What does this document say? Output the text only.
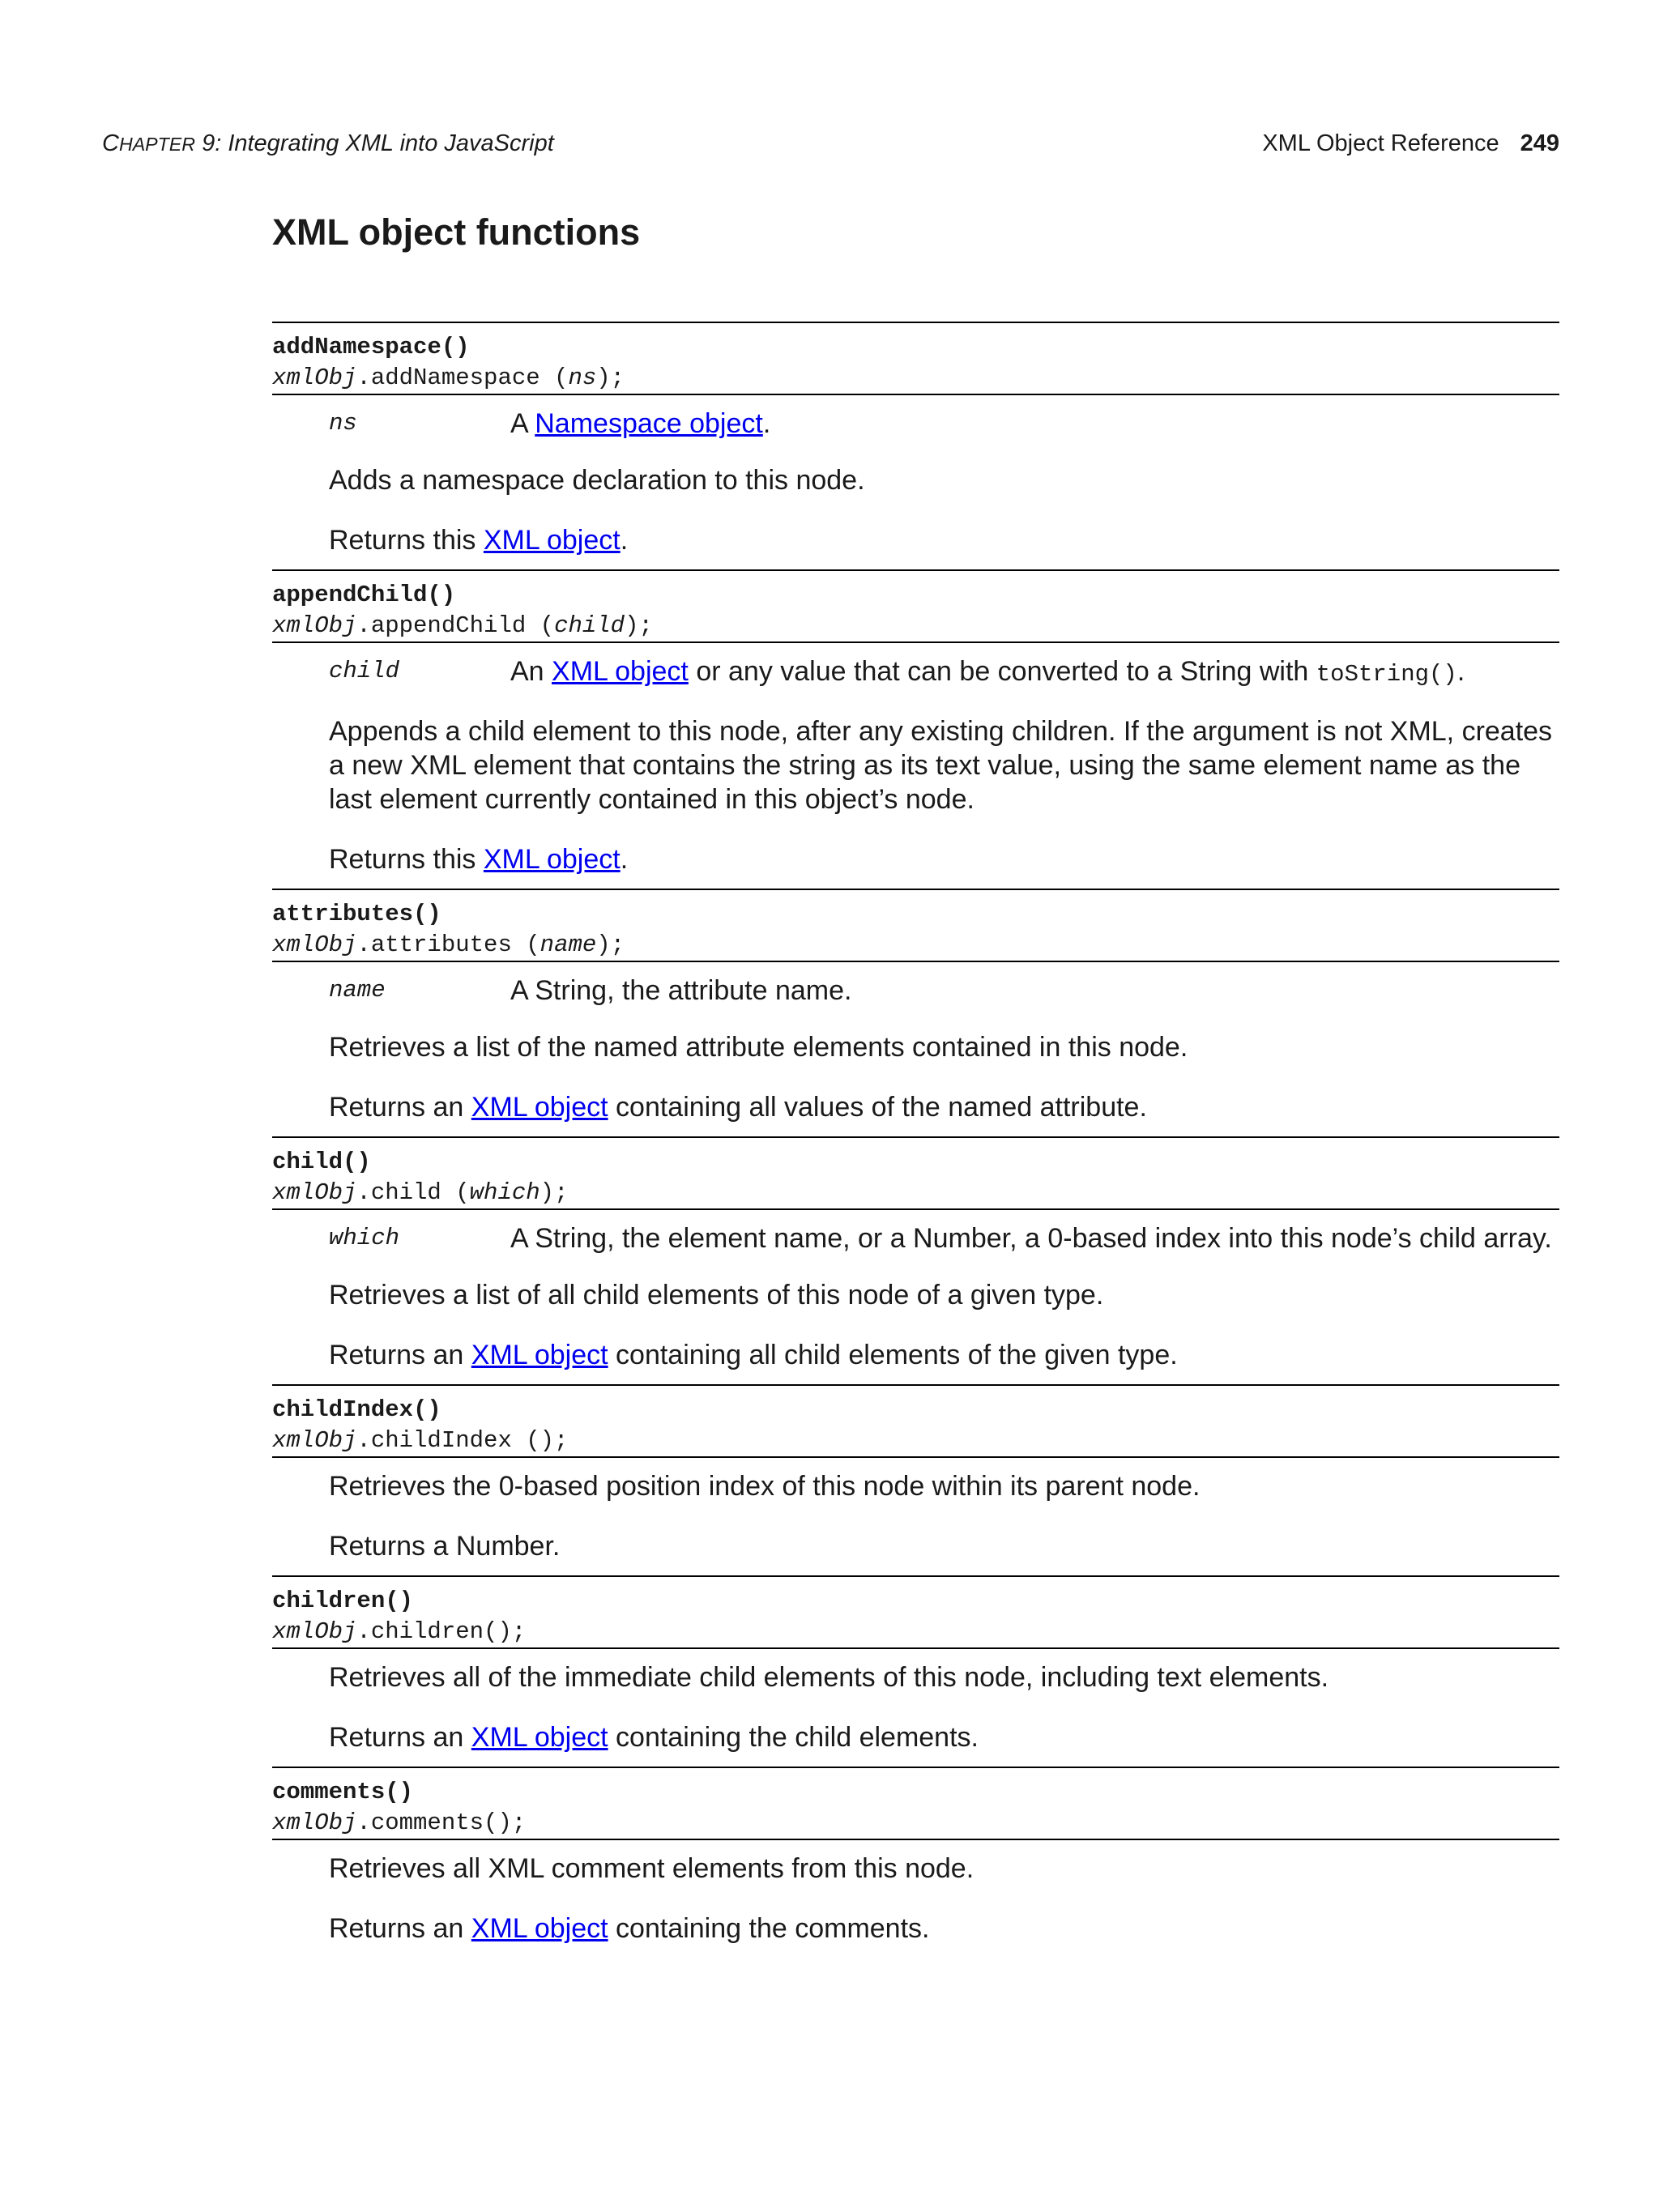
CHAPTER 9: Integrating XML into JavaScript	XML Object Reference 249
XML object functions
addNamespace()
xmlObj.addNamespace (ns);
ns	A Namespace object.

Adds a namespace declaration to this node.

Returns this XML object.

appendChild()
xmlObj.appendChild (child);
child	An XML object or any value that can be converted to a String with toString().

Appends a child element to this node, after any existing children. If the argument is not XML, creates a new XML element that contains the string as its text value, using the same element name as the last element currently contained in this object’s node.

Returns this XML object.

attributes()
xmlObj.attributes (name);
name	A String, the attribute name.

Retrieves a list of the named attribute elements contained in this node.

Returns an XML object containing all values of the named attribute.

child()
xmlObj.child (which);
which	A String, the element name, or a Number, a 0-based index into this node’s child array.

Retrieves a list of all child elements of this node of a given type.

Returns an XML object containing all child elements of the given type.

childIndex()
xmlObj.childIndex ();

Retrieves the 0-based position index of this node within its parent node.

Returns a Number.

children()
xmlObj.children();

Retrieves all of the immediate child elements of this node, including text elements.

Returns an XML object containing the child elements.

comments()
xmlObj.comments();

Retrieves all XML comment elements from this node.

Returns an XML object containing the comments.
